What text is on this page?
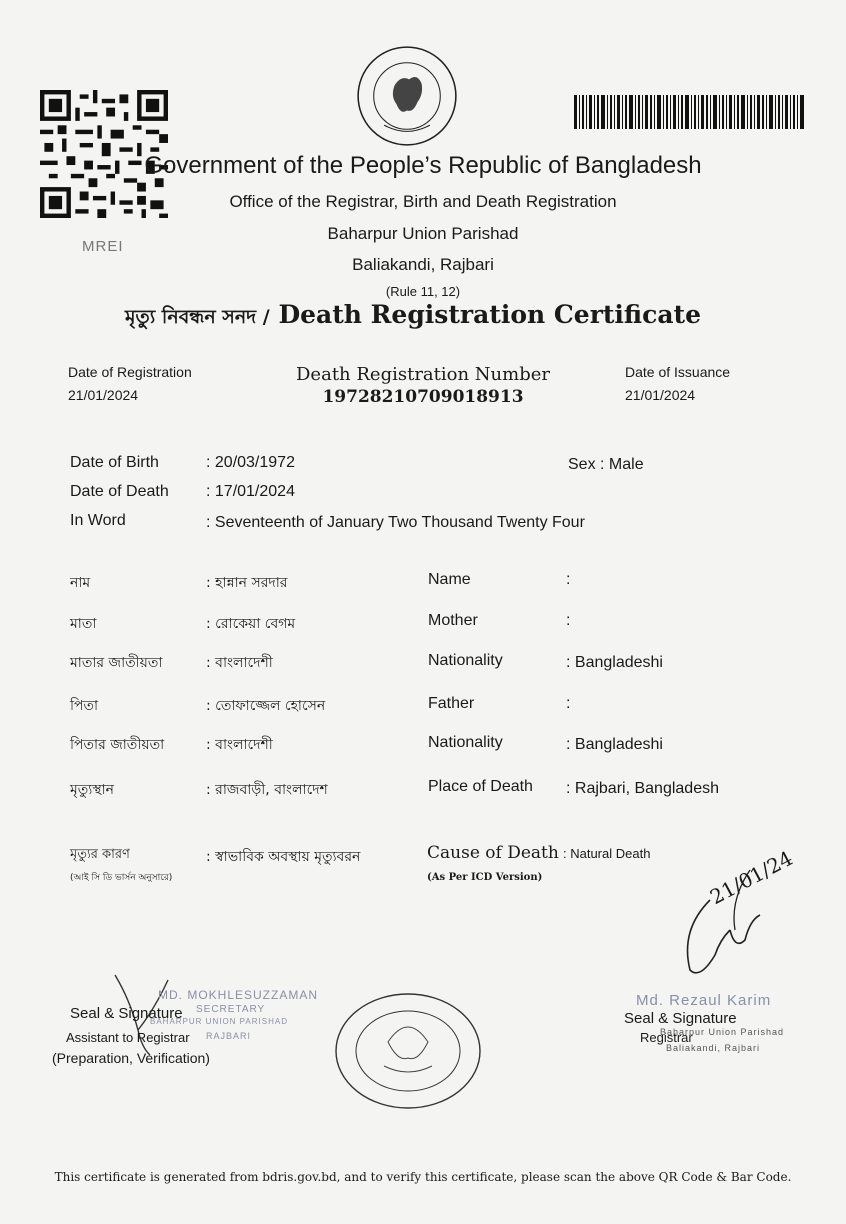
MREI
Government of the People’s Republic of Bangladesh
Office of the Registrar, Birth and Death Registration
Baharpur Union Parishad
Baliakandi, Rajbari
(Rule 11, 12)
মৃত্যু নিবন্ধন সনদ / Death Registration Certificate
Date of Registration
21/01/2024
Death Registration Number
19728210709018913
Date of Issuance
21/01/2024
Date of Birth	: 20/03/1972	Sex : Male
Date of Death : 17/01/2024
In Word	: Seventeenth of January Two Thousand Twenty Four
নাম	: হান্নান সরদার	Name	:
মাতা	: রোকেয়া বেগম	Mother	:
মাতার জাতীয়তা	: বাংলাদেশী	Nationality	: Bangladeshi
পিতা	: তোফাজ্জেল হোসেন	Father	:
পিতার জাতীয়তা	: বাংলাদেশী	Nationality	: Bangladeshi
মৃত্যুস্থান	: রাজবাড়ী, বাংলাদেশ	Place of Death : Rajbari, Bangladesh
মৃত্যুর কারণ
(আই সি ডি ভার্সন অনুসারে)
: স্বাভাবিক অবস্থায় মৃত্যুবরন	Cause of Death
(As Per ICD Version)
: Natural Death
MD. MOKHLESUZZAMAN
SECRETARY
BAHARPUR UNION PARISHAD
RAJBARI
Seal & Signature
Assistant to Registrar
(Preparation, Verification)
21/01/24
Md. Rezaul Karim
Seal & Signature
Registrar
Baharpur Union Parishad
Baliakandi, Rajbari
This certificate is generated from bdris.gov.bd, and to verify this certificate, please scan the above QR Code & Bar Code.
